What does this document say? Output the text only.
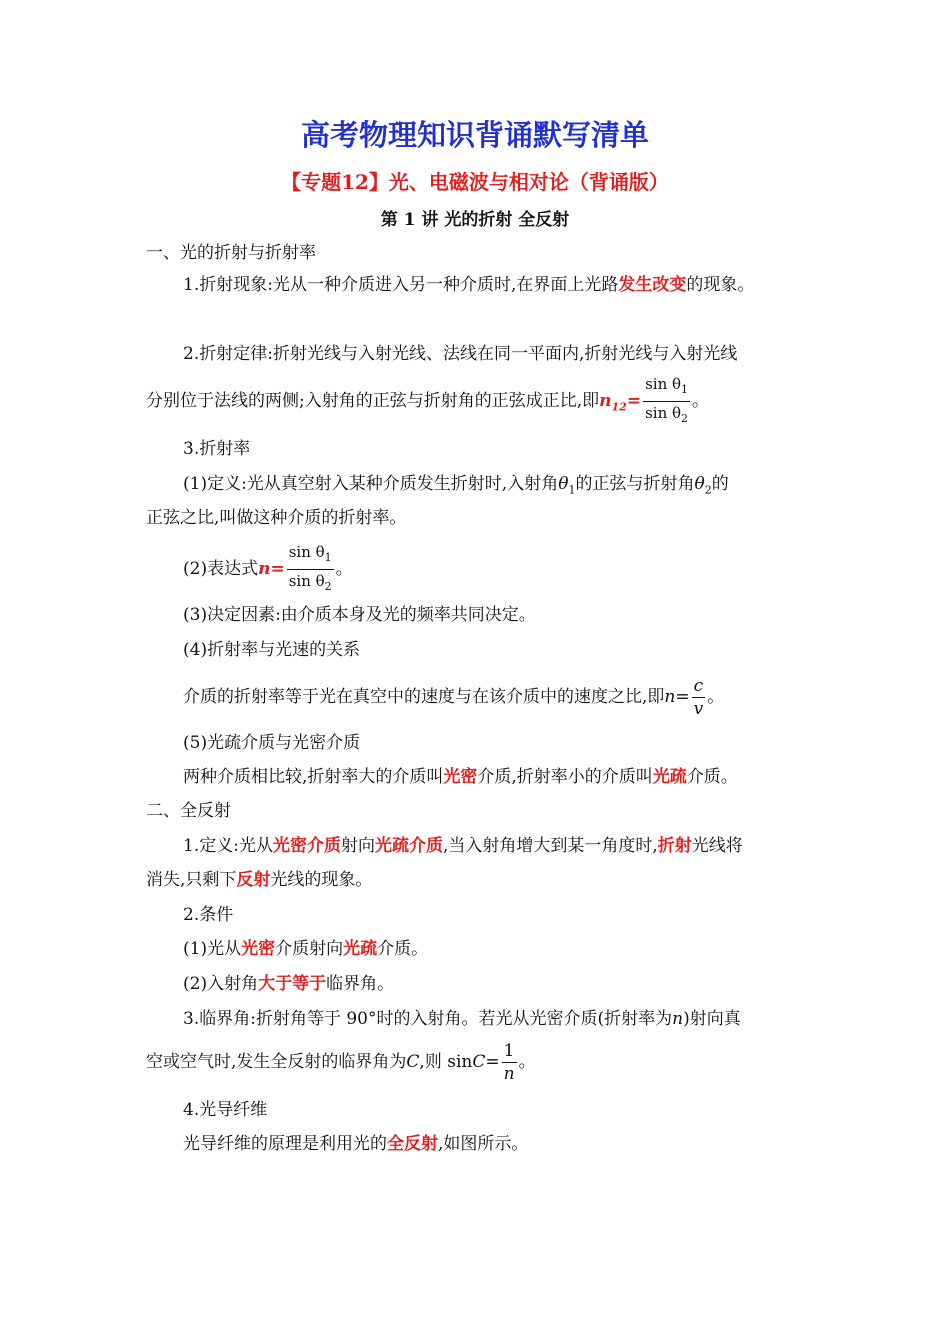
高考物理知识背诵默写清单
【专题12】光、电磁波与相对论（背诵版）
第 1 讲 光的折射 全反射
一、光的折射与折射率
1.折射现象:光从一种介质进入另一种介质时,在界面上光路发生改变的现象。
2.折射定律:折射光线与入射光线、法线在同一平面内,折射光线与入射光线
分别位于法线的两侧;入射角的正弦与折射角的正弦成正比,即$n_{12}= \frac{\sin \theta_1}{\sin \theta_2}$ 。
3.折射率
(1)定义:光从真空射入某种介质发生折射时,入射角$\theta_1$的正弦与折射角$\theta_2$的
正弦之比,叫做这种介质的折射率。
(2)表达式$n= \frac{\sin \theta_1}{\sin \theta_2}$ 。
(3)决定因素:由介质本身及光的频率共同决定。
(4)折射率与光速的关系
介质的折射率等于光在真空中的速度与在该介质中的速度之比,即$n= \frac{c}{v}$ 。
(5)光疏介质与光密介质
两种介质相比较,折射率大的介质叫光密介质,折射率小的介质叫光疏介质。
二、全反射
1.定义:光从光密介质射向光疏介质,当入射角增大到某一角度时,折射光线将
消失,只剩下反射光线的现象。
2.条件
(1)光从光密介质射向光疏介质。
(2)入射角大于等于临界角。
3.临界角:折射角等于 90°时的入射角。若光从光密介质(折射率为n)射向真
空或空气时,发生全反射的临界角为C,则 $\sin C= \frac{1}{n}$ 。
4.光导纤维
光导纤维的原理是利用光的全反射,如图所示。
